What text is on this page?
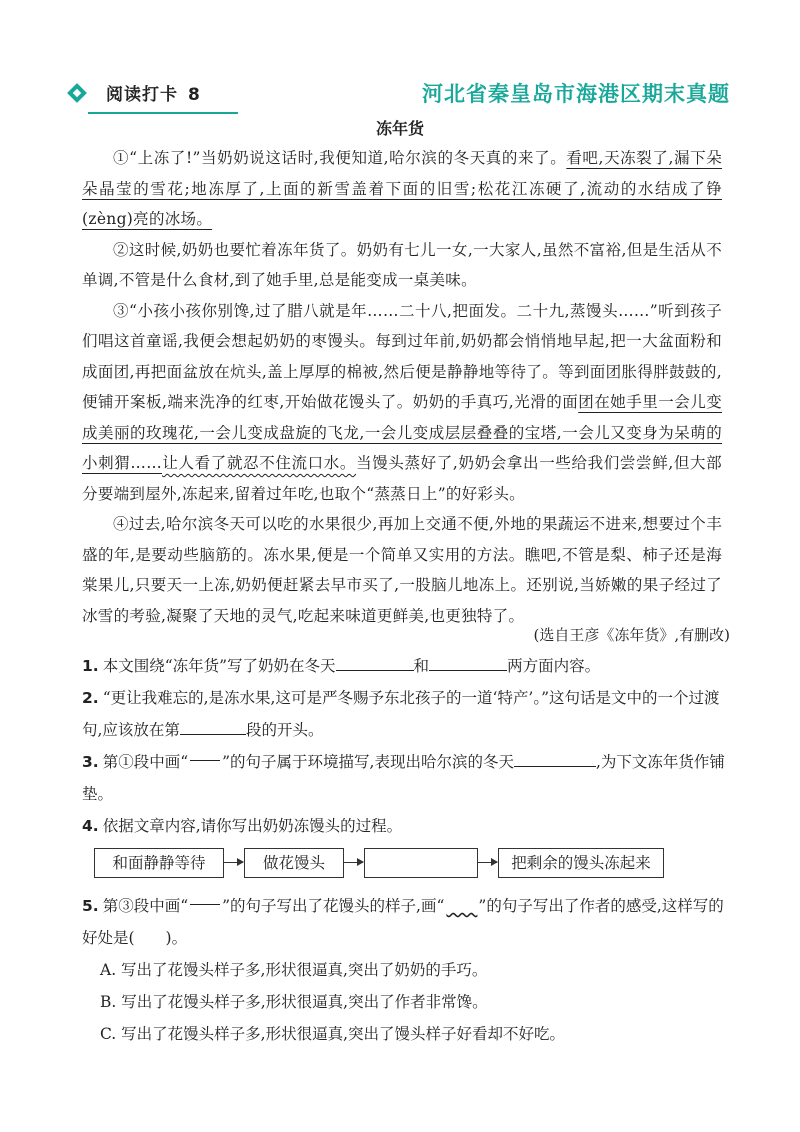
阅读打卡 8	河北省秦皇岛市海港区期末真题
冻年货

①“上冻了!”当奶奶说这话时,我便知道,哈尔滨的冬天真的来了。看吧,天冻裂了,漏下朵朵晶莹的雪花;地冻厚了,上面的新雪盖着下面的旧雪;松花江冻硬了,流动的水结成了铮(zèng)亮的冰场。

②这时候,奶奶也要忙着冻年货了。奶奶有七儿一女,一大家人,虽然不富裕,但是生活从不单调,不管是什么食材,到了她手里,总是能变成一桌美味。

③“小孩小孩你别馋,过了腊八就是年……二十八,把面发。二十九,蒸馒头……”听到孩子们唱这首童谣,我便会想起奶奶的枣馒头。每到过年前,奶奶都会悄悄地早起,把一大盆面粉和成面团,再把面盆放在炕头,盖上厚厚的棉被,然后便是静静地等待了。等到面团胀得胖鼓鼓的,便铺开案板,端来洗净的红枣,开始做花馒头了。奶奶的手真巧,光滑的面团在她手里一会儿变成美丽的玫瑰花,一会儿变成盘旋的飞龙,一会儿变成层层叠叠的宝塔,一会儿又变身为呆萌的小刺猬……让人看了就忍不住流口水。当馒头蒸好了,奶奶会拿出一些给我们尝尝鲜,但大部分要端到屋外,冻起来,留着过年吃,也取个“蒸蒸日上”的好彩头。

④过去,哈尔滨冬天可以吃的水果很少,再加上交通不便,外地的果蔬运不进来,想要过个丰盛的年,是要动些脑筋的。冻水果,便是一个简单又实用的方法。瞧吧,不管是梨、柿子还是海棠果儿,只要天一上冻,奶奶便赶紧去早市买了,一股脑儿地冻上。还别说,当娇嫩的果子经过了冰雪的考验,凝聚了天地的灵气,吃起来味道更鲜美,也更独特了。

(选自王彦《冻年货》,有删改)

1. 本文围绕“冻年货”写了奶奶在冬天	和	两方面内容。

2. “更让我难忘的,是冻水果,这可是严冬赐予东北孩子的一道‘特产’。”这句话是文中的一个过渡句,应该放在第	段的开头。

3. 第①段中画“ ”的句子属于环境描写,表现出哈尔滨的冬天	,为下文冻年货作铺垫。

4. 依据文章内容,请你写出奶奶冻馒头的过程。

和面静静等待	做花馒头	把剩余的馒头冻起来

5. 第③段中画“ ”的句子写出了花馒头的样子,画“   ”的句子写出了作者的感受,这样写的好处是(　　)。

A. 写出了花馒头样子多,形状很逼真,突出了奶奶的手巧。

B. 写出了花馒头样子多,形状很逼真,突出了作者非常馋。

C. 写出了花馒头样子多,形状很逼真,突出了馒头样子好看却不好吃。
